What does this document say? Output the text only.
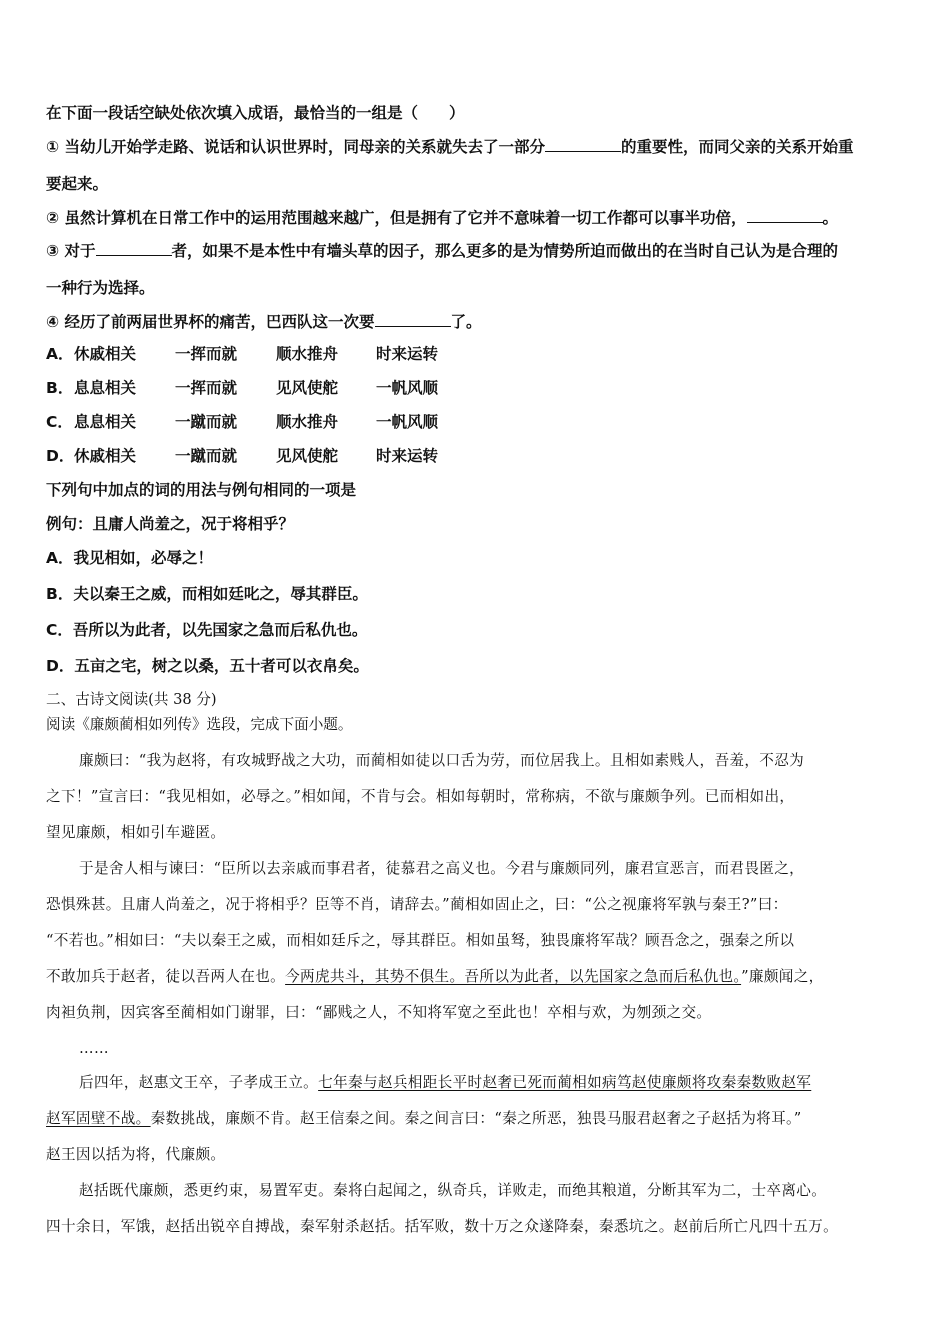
在下面一段话空缺处依次填入成语，最恰当的一组是（　　）
① 当幼儿开始学走路、说话和认识世界时，同母亲的关系就失去了一部分	的重要性，而同父亲的关系开始重
要起来。
② 虽然计算机在日常工作中的运用范围越来越广，但是拥有了它并不意味着一切工作都可以事半功倍，	。
③ 对于	者，如果不是本性中有墙头草的因子，那么更多的是为情势所迫而做出的在当时自己认为是合理的
一种行为选择。
④ 经历了前两届世界杯的痛苦，巴西队这一次要	了。
A． 休戚相关	一挥而就	顺水推舟 时来运转
B． 息息相关	一挥而就	见风使舵 一帆风顺
C． 息息相关	一蹴而就	顺水推舟 一帆风顺
D． 休戚相关	一蹴而就	见风使舵 时来运转
下列句中加点的词的用法与例句相同的一项是
例句：且庸人尚羞之，况于将相乎？
A．我见相如，必辱之！
B．夫以秦王之威，而相如廷叱之，辱其群臣。
C．吾所以为此者，以先国家之急而后私仇也。
D．五亩之宅，树之以桑，五十者可以衣帛矣。
二、古诗文阅读(共 38 分)
阅读《廉颇蔺相如列传》选段，完成下面小题。
廉颇曰：“我为赵将，有攻城野战之大功，而蔺相如徒以口舌为劳，而位居我上。且相如素贱人，吾羞，不忍为
之下！”宣言曰：“我见相如，必辱之。”相如闻，不肯与会。相如每朝时，常称病，不欲与廉颇争列。已而相如出，
望见廉颇，相如引车避匿。
于是舍人相与谏曰：“臣所以去亲戚而事君者，徒慕君之高义也。今君与廉颇同列，廉君宣恶言，而君畏匿之，
恐惧殊甚。且庸人尚羞之，况于将相乎？臣等不肖，请辞去。”蔺相如固止之，曰：“公之视廉将军孰与秦王?”曰：
“不若也。”相如曰：“夫以秦王之威，而相如廷斥之，辱其群臣。相如虽驽，独畏廉将军哉？顾吾念之，强秦之所以
不敢加兵于赵者，徒以吾两人在也。今两虎共斗，其势不俱生。吾所以为此者，以先国家之急而后私仇也。”廉颇闻之，
肉袒负荆，因宾客至蔺相如门谢罪，曰：“鄙贱之人，不知将军宽之至此也！卒相与欢，为刎颈之交。
……
后四年，赵惠文王卒，子孝成王立。七年秦与赵兵相距长平时赵奢已死而蔺相如病笃赵使廉颇将攻秦秦数败赵军
赵军固壁不战。秦数挑战，廉颇不肯。赵王信秦之间。秦之间言曰：“秦之所恶，独畏马服君赵奢之子赵括为将耳。”
赵王因以括为将，代廉颇。
赵括既代廉颇，悉更约束，易置军吏。秦将白起闻之，纵奇兵，详败走，而绝其粮道，分断其军为二，士卒离心。
四十余日，军饿，赵括出锐卒自搏战，秦军射杀赵括。括军败，数十万之众遂降秦，秦悉坑之。赵前后所亡凡四十五万。
